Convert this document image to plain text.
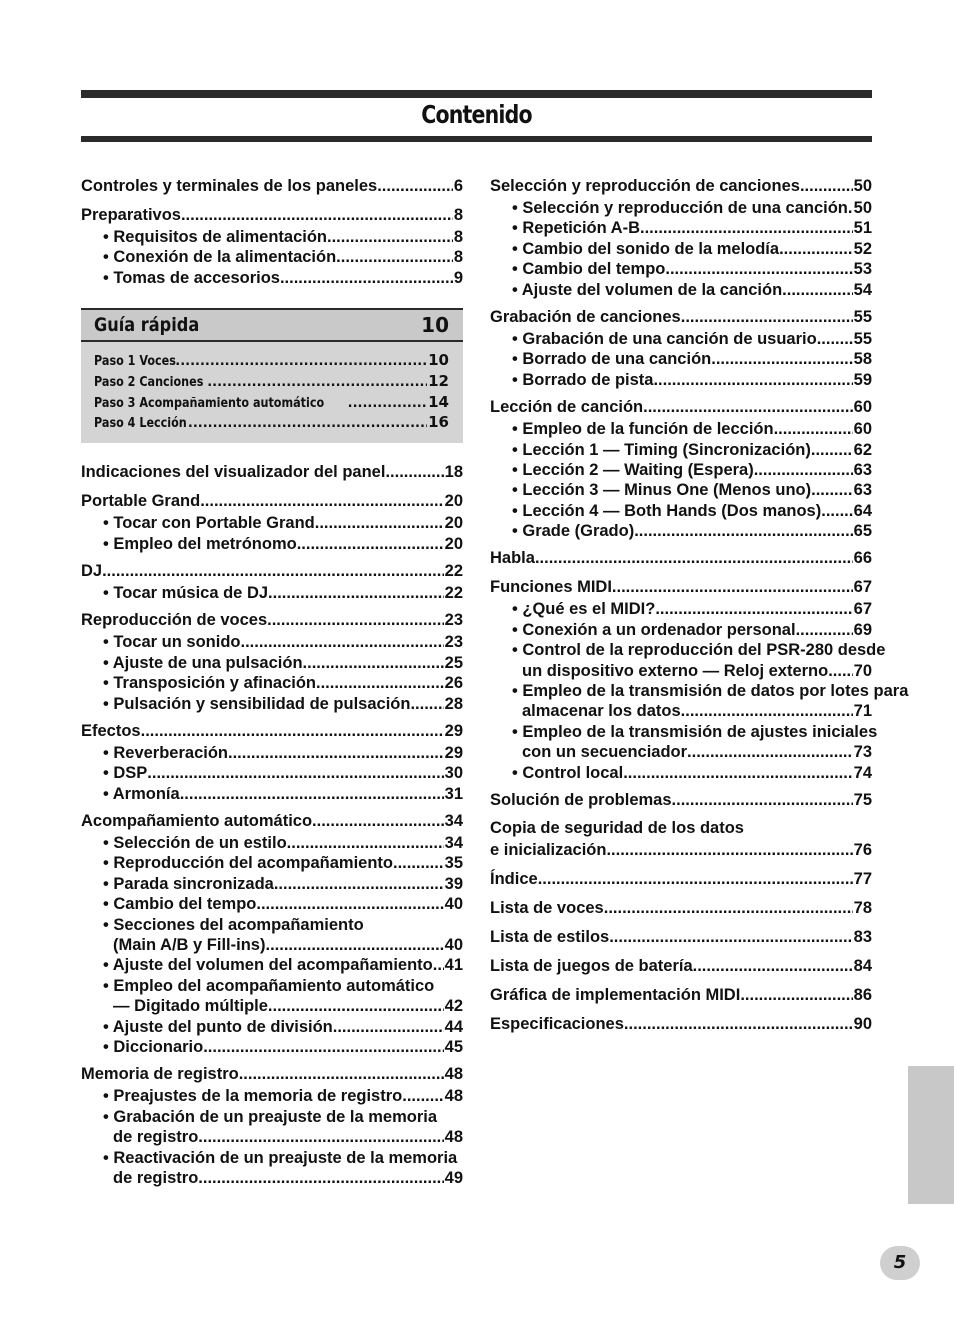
Contenido
Controles y terminales de los paneles .....	6
Preparativos .....	8
• Requisitos de alimentación .....	8
• Conexión de la alimentación .....	8
• Tomas de accesorios .....	9
Guía rápida	10
Paso 1 Voces .....	10
Paso 2 Canciones .....	12
Paso 3 Acompañamiento automático .....	14
Paso 4 Lección .....	16
Indicaciones del visualizador del panel .....	18
Portable Grand .....	20
• Tocar con Portable Grand .....	20
• Empleo del metrónomo .....	20
DJ .....	22
• Tocar música de DJ .....	22
Reproducción de voces .....	23
• Tocar un sonido .....	23
• Ajuste de una pulsación .....	25
• Transposición y afinación .....	26
• Pulsación y sensibilidad de pulsación ..... 28
Efectos .....	29
• Reverberación .....	29
• DSP .....	30
• Armonía .....	31
Acompañamiento automático .....	34
• Selección de un estilo .....	34
• Reproducción del acompañamiento .....	35
• Parada sincronizada .....	39
• Cambio del tempo .....	40
• Secciones del acompañamiento
(Main A/B y Fill-ins) .....	40
• Ajuste del volumen del acompañamiento ..... 41
• Empleo del acompañamiento automático
— Digitado múltiple .....	42
• Ajuste del punto de división .....	44
• Diccionario .....	45
Memoria de registro .....	48
• Preajustes de la memoria de registro .....	48
• Grabación de un preajuste de la memoria
de registro .....	48
• Reactivación de un preajuste de la memoria
de registro .....	49
Selección y reproducción de canciones .....	50
• Selección y reproducción de una canción ..... 50
• Repetición A-B .....	51
• Cambio del sonido de la melodía .....	52
• Cambio del tempo .....	53
• Ajuste del volumen de la canción .....	54
Grabación de canciones .....	55
• Grabación de una canción de usuario ..... 55
• Borrado de una canción .....	58
• Borrado de pista .....	59
Lección de canción .....	60
• Empleo de la función de lección .....	60
• Lección 1 — Timing (Sincronización) .....	62
• Lección 2 — Waiting (Espera) .....	63
• Lección 3 — Minus One (Menos uno) .....	63
• Lección 4 — Both Hands (Dos manos) ..... 64
• Grade (Grado) .....	65
Habla .....	66
Funciones MIDI .....	67
• ¿Qué es el MIDI? .....	67
• Conexión a un ordenador personal .....	69
• Control de la reproducción del PSR-280 desde
un dispositivo externo — Reloj externo ..... 70
• Empleo de la transmisión de datos por lotes para
almacenar los datos .....	71
• Empleo de la transmisión de ajustes iniciales
con un secuenciador .....	73
• Control local .....	74
Solución de problemas .....	75
Copia de seguridad de los datos
e inicialización .....	76
Índice .....	77
Lista de voces .....	78
Lista de estilos .....	83
Lista de juegos de batería .....	84
Gráfica de implementación MIDI .....	86
Especificaciones .....	90
5
